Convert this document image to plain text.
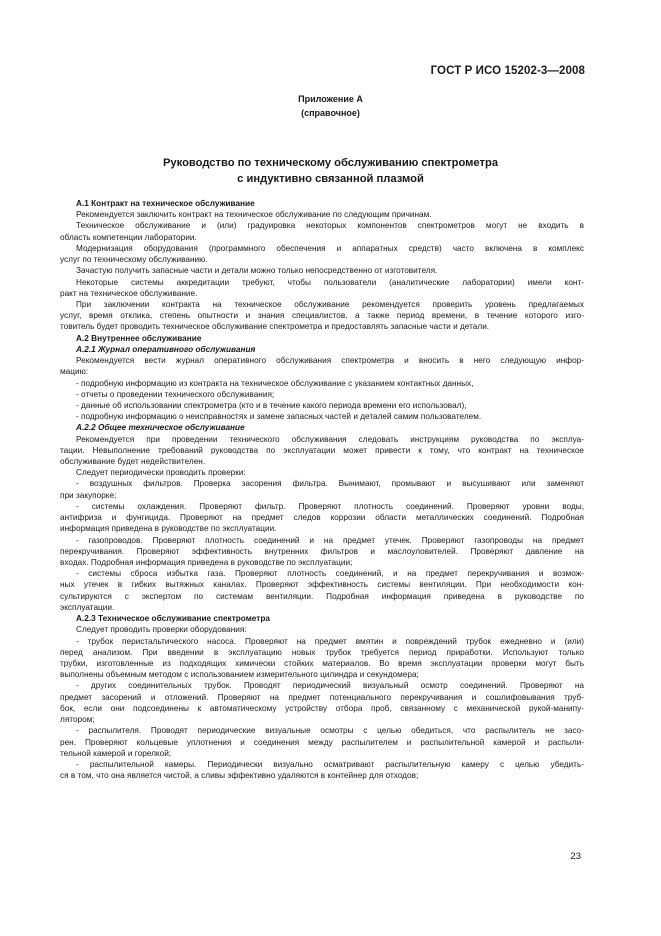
ГОСТ Р ИСО 15202-3—2008
Приложение А
(справочное)
Руководство по техническому обслуживанию спектрометра
с индуктивно связанной плазмой
А.1 Контракт на техническое обслуживание
Рекомендуется заключить контракт на техническое обслуживание по следующим причинам.
Техническое обслуживание и (или) градуировка некоторых компонентов спектрометров могут не входить в
область компетенции лаборатории.
Модернизация оборудования (программного обеспечения и аппаратных средств) часто включена в комплекс
услуг по техническому обслуживанию.
Зачастую получить запасные части и детали можно только непосредственно от изготовителя.
Некоторые системы аккредитации требуют, чтобы пользователи (аналитические лаборатории) имели конт-
ракт на техническое обслуживание.
При заключении контракта на техническое обслуживание рекомендуется проверить уровень предлагаемых
услуг, время отклика, степень опытности и знания специалистов, а также период времени, в течение которого изго-
товитель будет проводить техническое обслуживание спектрометра и предоставлять запасные части и детали.
А.2 Внутреннее обслуживание
А.2.1 Журнал оперативного обслуживания
Рекомендуется вести журнал оперативного обслуживания спектрометра и вносить в него следующую инфор-
мацию:
- подробную информацию из контракта на техническое обслуживание с указанием контактных данных,
- отчеты о проведении технического обслуживания;
- данные об использовании спектрометра (кто и в течение какого периода времени его использовал),
- подробную информацию о неисправностях и замене запасных частей и деталей самим пользователем.
А.2.2 Общее техническое обслуживание
Рекомендуется при проведении технического обслуживания следовать инструкциям руководства по эксплуа-
тации. Невыполнение требований руководства по эксплуатации может привести к тому, что контракт на техническое
обслуживание будет недействителен.
Следует периодически проводить проверки:
- воздушных фильтров. Проверка засорения фильтра. Вынимают, промывают и высушивают или заменяют
при закупорке;
- системы охлаждения. Проверяют фильтр. Проверяют плотность соединений. Проверяют уровни воды,
антифриза и фунгицида. Проверяют на предмет следов коррозии области металлических соединений. Подробная
информация приведена в руководстве по эксплуатации.
- газопроводов. Проверяют плотность соединений и на предмет утечек. Проверяют газопроводы на предмет
перекручивания. Проверяют эффективность внутренних фильтров и маслоуловителей. Проверяют давление на
входах. Подробная информация приведена в руководстве по эксплуатации;
- системы сброса избытка газа. Проверяют плотность соединений, и на предмет перекручивания и возмож-
ных утечек в гибких вытяжных каналах. Проверяют эффективность системы вентиляции. При необходимости кон-
сультируются с экспертом по системам вентиляции. Подробная информация приведена в руководстве по
эксплуатации.
А.2.3 Техническое обслуживание спектрометра
Следует проводить проверки оборудования:
- трубок перистальтического насоса. Проверяют на предмет вмятин и повреждений трубок ежедневно и (или)
перед анализом. При введении в эксплуатацию новых трубок требуется период приработки. Используют только
трубки, изготовленные из подходящих химически стойких материалов. Во время эксплуатации проверки могут быть
выполнены объемным методом с использованием измерительного цилиндра и секундомера;
- других соединительных трубок. Проводят периодический визуальный осмотр соединений. Проверяют на
предмет засорений и отложений. Проверяют на предмет потенциального перекручивания и сошлифовывания труб-
бок, если они подсоединены к автоматическому устройству отбора проб, связанному с механической рукой-манипу-
лятором;
- распылителя. Проводят периодические визуальные осмотры с целью обедиться, что распылитель не засо-
рен. Проверяют кольцевые уплотнения и соединения между распылителем и распылительной камерой и распыли-
тельной камерой и горелкой;
- распылительной камеры. Периодически визуально осматривают распылительную камеру с целью убедить-
ся в том, что она является чистой, а сливы эффективно удаляются в контейнер для отходов;
23
